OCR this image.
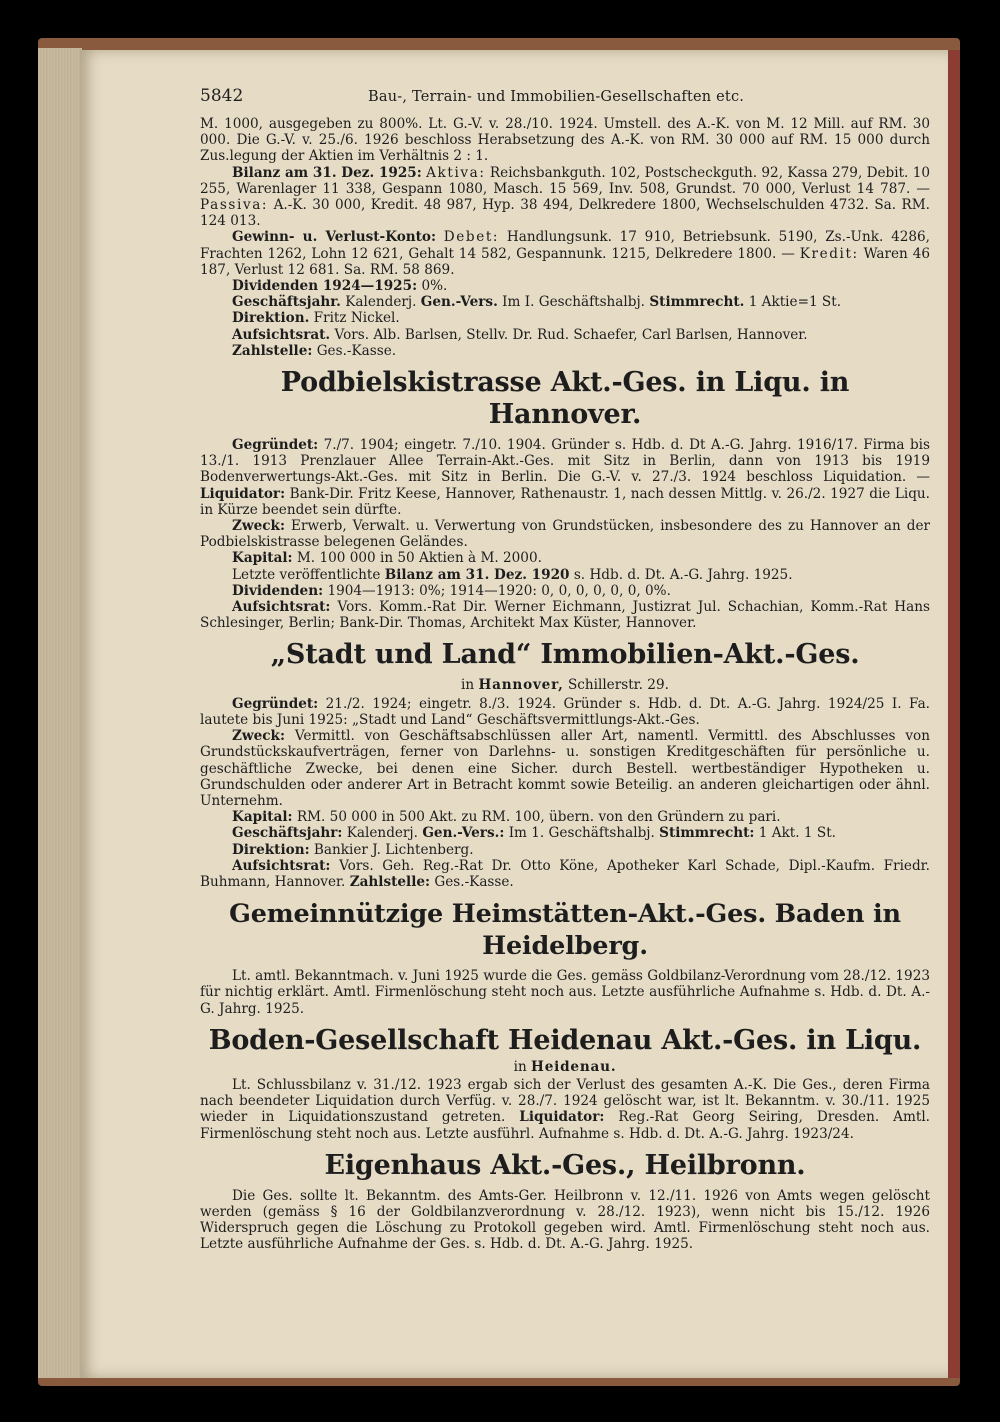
5842	Bau-, Terrain- und Immobilien-Gesellschaften etc.

M. 1000, ausgegeben zu 800%. Lt. G.-V. v. 28./10. 1924. Umstell. des A.-K. von M. 12 Mill. auf RM. 30 000. Die G.-V. v. 25./6. 1926 beschloss Herabsetzung des A.-K. von RM. 30 000 auf RM. 15 000 durch Zus.legung der Aktien im Verhältnis 2 : 1.

Bilanz am 31. Dez. 1925: Aktiva: Reichsbankguth. 102, Postscheckguth. 92, Kassa 279, Debit. 10 255, Warenlager 11 338, Gespann 1080, Masch. 15 569, Inv. 508, Grundst. 70 000, Verlust 14 787. — Passiva: A.-K. 30 000, Kredit. 48 987, Hyp. 38 494, Delkredere 1800, Wechselschulden 4732. Sa. RM. 124 013.

Gewinn- u. Verlust-Konto: Debet: Handlungsunk. 17 910, Betriebsunk. 5190, Zs.-Unk. 4286, Frachten 1262, Lohn 12 621, Gehalt 14 582, Gespannunk. 1215, Delkredere 1800. — Kredit: Waren 46 187, Verlust 12 681. Sa. RM. 58 869.

Dividenden 1924—1925: 0%.

Geschäftsjahr. Kalenderj. Gen.-Vers. Im I. Geschäftshalbj. Stimmrecht. 1 Aktie=1 St.

Direktion. Fritz Nickel.

Aufsichtsrat. Vors. Alb. Barlsen, Stellv. Dr. Rud. Schaefer, Carl Barlsen, Hannover.

Zahlstelle: Ges.-Kasse.

Podbielskistrasse Akt.-Ges. in Liqu. in Hannover.

Gegründet: 7./7. 1904; eingetr. 7./10. 1904. Gründer s. Hdb. d. Dt A.-G. Jahrg. 1916/17. Firma bis 13./1. 1913 Prenzlauer Allee Terrain-Akt.-Ges. mit Sitz in Berlin, dann von 1913 bis 1919 Bodenverwertungs-Akt.-Ges. mit Sitz in Berlin. Die G.-V. v. 27./3. 1924 beschloss Liquidation. — Liquidator: Bank-Dir. Fritz Keese, Hannover, Rathenaustr. 1, nach dessen Mittlg. v. 26./2. 1927 die Liqu. in Kürze beendet sein dürfte.

Zweck: Erwerb, Verwalt. u. Verwertung von Grundstücken, insbesondere des zu Hannover an der Podbielskistrasse belegenen Geländes.

Kapital: M. 100 000 in 50 Aktien à M. 2000.

Letzte veröffentlichte Bilanz am 31. Dez. 1920 s. Hdb. d. Dt. A.-G. Jahrg. 1925.

Dividenden: 1904—1913: 0%; 1914—1920: 0, 0, 0, 0, 0, 0, 0%.

Aufsichtsrat: Vors. Komm.-Rat Dir. Werner Eichmann, Justizrat Jul. Schachian, Komm.-Rat Hans Schlesinger, Berlin; Bank-Dir. Thomas, Architekt Max Küster, Hannover.

„Stadt und Land“ Immobilien-Akt.-Ges.
in Hannover, Schillerstr. 29.

Gegründet: 21./2. 1924; eingetr. 8./3. 1924. Gründer s. Hdb. d. Dt. A.-G. Jahrg. 1924/25 I. Fa. lautete bis Juni 1925: „Stadt und Land“ Geschäftsvermittlungs-Akt.-Ges.

Zweck: Vermittl. von Geschäftsabschlüssen aller Art, namentl. Vermittl. des Abschlusses von Grundstückskaufverträgen, ferner von Darlehns- u. sonstigen Kreditgeschäften für persönliche u. geschäftliche Zwecke, bei denen eine Sicher. durch Bestell. wertbeständiger Hypotheken u. Grundschulden oder anderer Art in Betracht kommt sowie Beteilig. an anderen gleichartigen oder ähnl. Unternehm.

Kapital: RM. 50 000 in 500 Akt. zu RM. 100, übern. von den Gründern zu pari.

Geschäftsjahr: Kalenderj. Gen.-Vers.: Im 1. Geschäftshalbj. Stimmrecht: 1 Akt. 1 St.

Direktion: Bankier J. Lichtenberg.

Aufsichtsrat: Vors. Geh. Reg.-Rat Dr. Otto Köne, Apotheker Karl Schade, Dipl.-Kaufm. Friedr. Buhmann, Hannover. Zahlstelle: Ges.-Kasse.

Gemeinnützige Heimstätten-Akt.-Ges. Baden in Heidelberg.

Lt. amtl. Bekanntmach. v. Juni 1925 wurde die Ges. gemäss Goldbilanz-Verordnung vom 28./12. 1923 für nichtig erklärt. Amtl. Firmenlöschung steht noch aus. Letzte ausführliche Aufnahme s. Hdb. d. Dt. A.-G. Jahrg. 1925.

Boden-Gesellschaft Heidenau Akt.-Ges. in Liqu.
in Heidenau.

Lt. Schlussbilanz v. 31./12. 1923 ergab sich der Verlust des gesamten A.-K. Die Ges., deren Firma nach beendeter Liquidation durch Verfüg. v. 28./7. 1924 gelöscht war, ist lt. Bekanntm. v. 30./11. 1925 wieder in Liquidationszustand getreten. Liquidator: Reg.-Rat Georg Seiring, Dresden. Amtl. Firmenlöschung steht noch aus. Letzte ausführl. Aufnahme s. Hdb. d. Dt. A.-G. Jahrg. 1923/24.

Eigenhaus Akt.-Ges., Heilbronn.

Die Ges. sollte lt. Bekanntm. des Amts-Ger. Heilbronn v. 12./11. 1926 von Amts wegen gelöscht werden (gemäss § 16 der Goldbilanzverordnung v. 28./12. 1923), wenn nicht bis 15./12. 1926 Widerspruch gegen die Löschung zu Protokoll gegeben wird. Amtl. Firmenlöschung steht noch aus. Letzte ausführliche Aufnahme der Ges. s. Hdb. d. Dt. A.-G. Jahrg. 1925.
